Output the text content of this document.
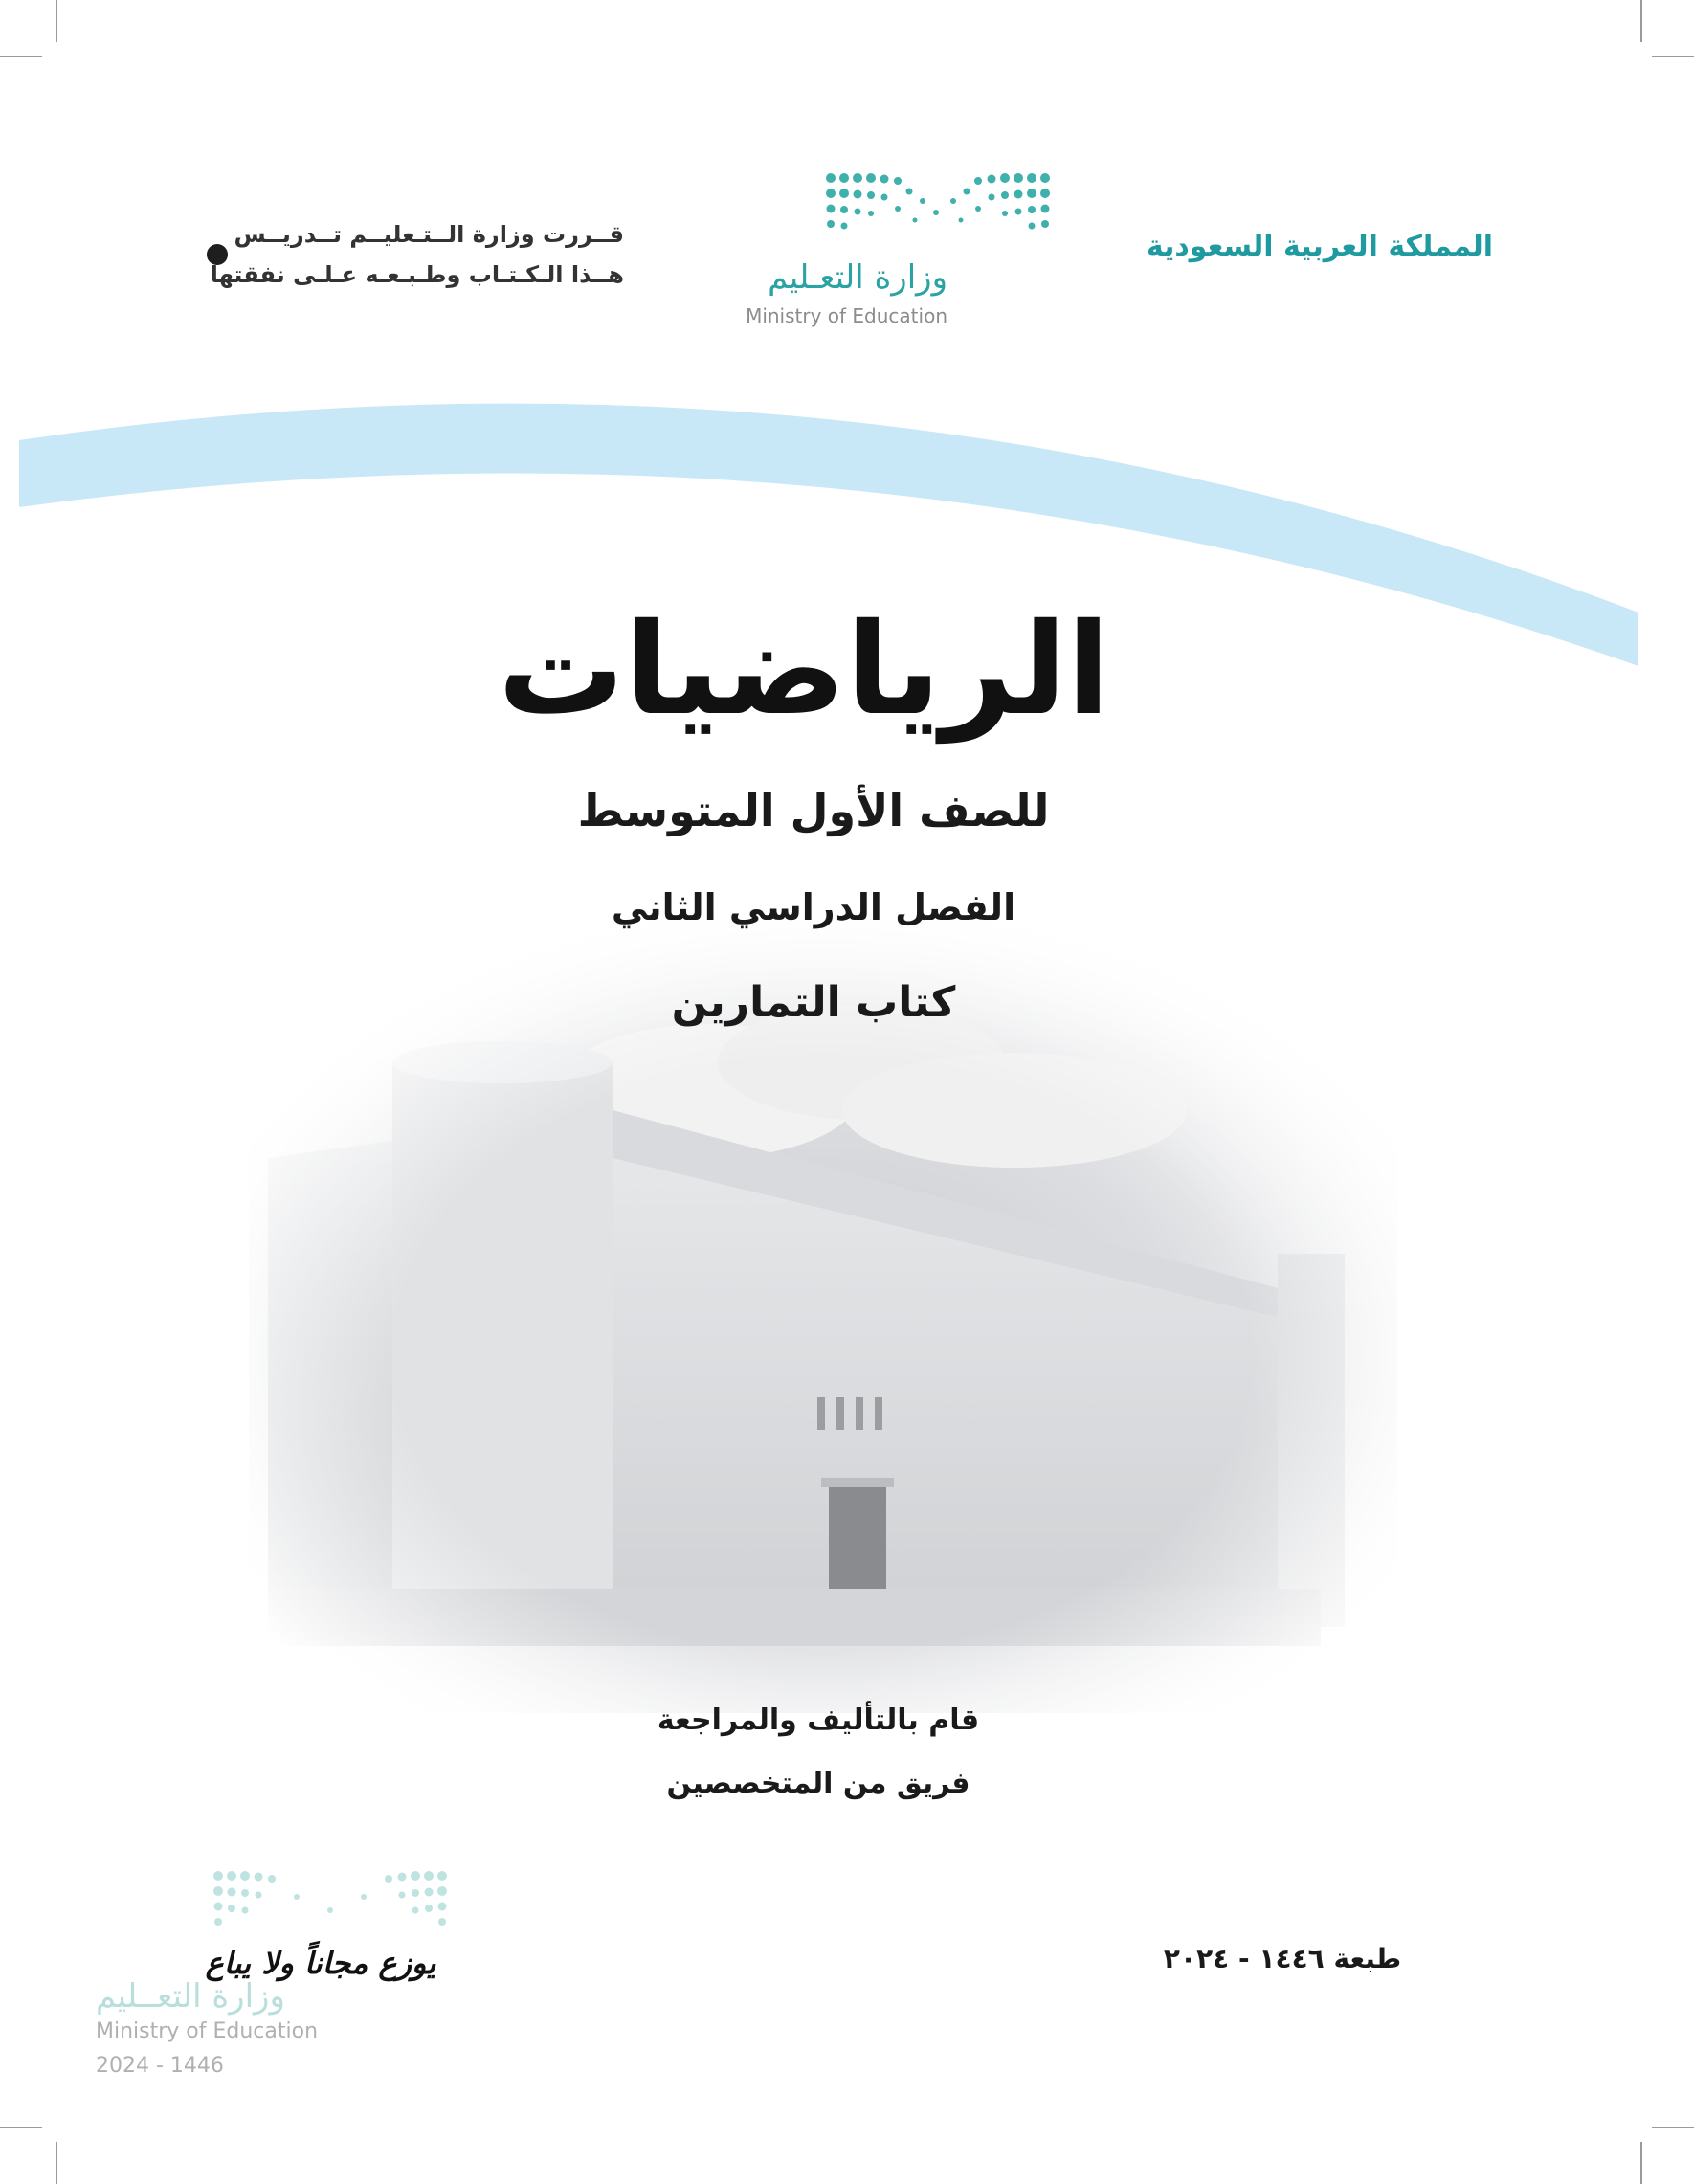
المملكة العربية السعودية
وزارة التعـليم
Ministry of Education
قــررت وزارة الــتـعليــم تــدريــس
هــذا الـكـتـاب وطـبـعـه عـلـى نفقتها
الرياضيات
للصف الأول المتوسط
الفصل الدراسي الثاني
كتاب التمارين
قام بالتأليف والمراجعة
فريق من المتخصصين
طبعة ١٤٤٦ - ٢٠٢٤
يوزع مجاناً ولا يباع
وزارة التعــليم
Ministry of Education
2024 - 1446
